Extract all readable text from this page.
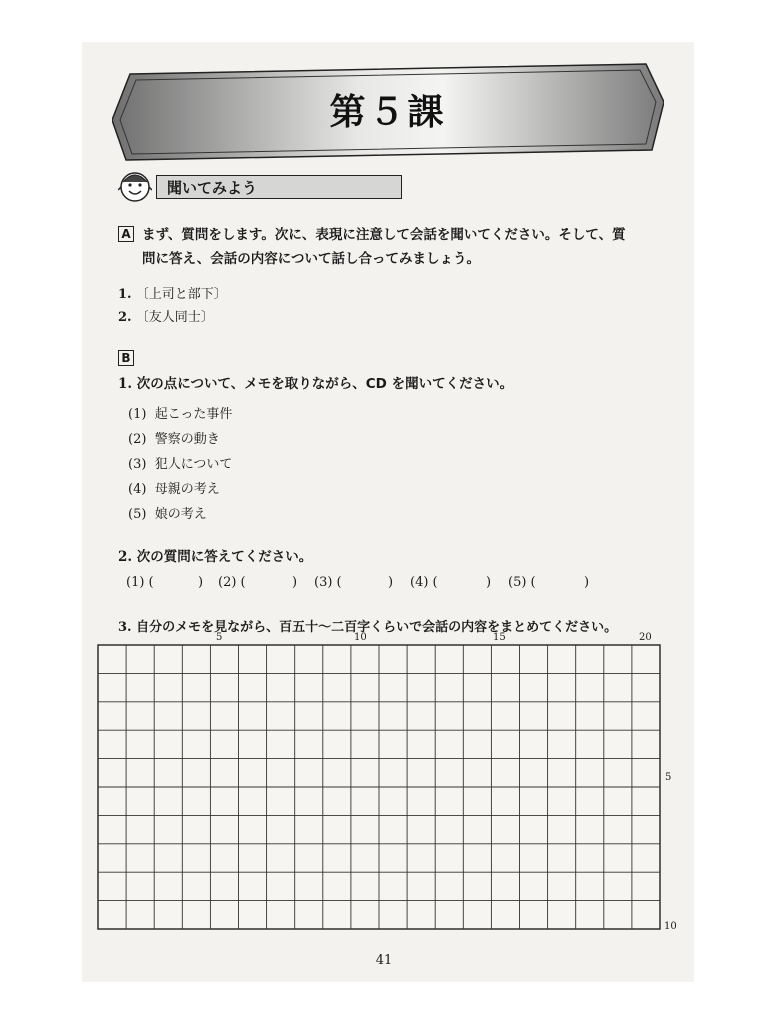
第５課
聞いてみよう
A まず、質問をします。次に、表現に注意して会話を聞いてください。そして、質
問に答え、会話の内容について話し合ってみましょう。
1. 〔上司と部下〕
2. 〔友人同士〕
B
1. 次の点について、メモを取りながら、CD を聞いてください。
(1) 起こった事件
(2) 警察の動き
(3) 犯人について
(4) 母親の考え
(5) 娘の考え
2. 次の質問に答えてください。
(1) (	) (2) (	) (3) (	) (4) (	) (5) (	)
3. 自分のメモを見ながら、百五十～二百字くらいで会話の内容をまとめてください。
5	10	15	20
5
10
41
